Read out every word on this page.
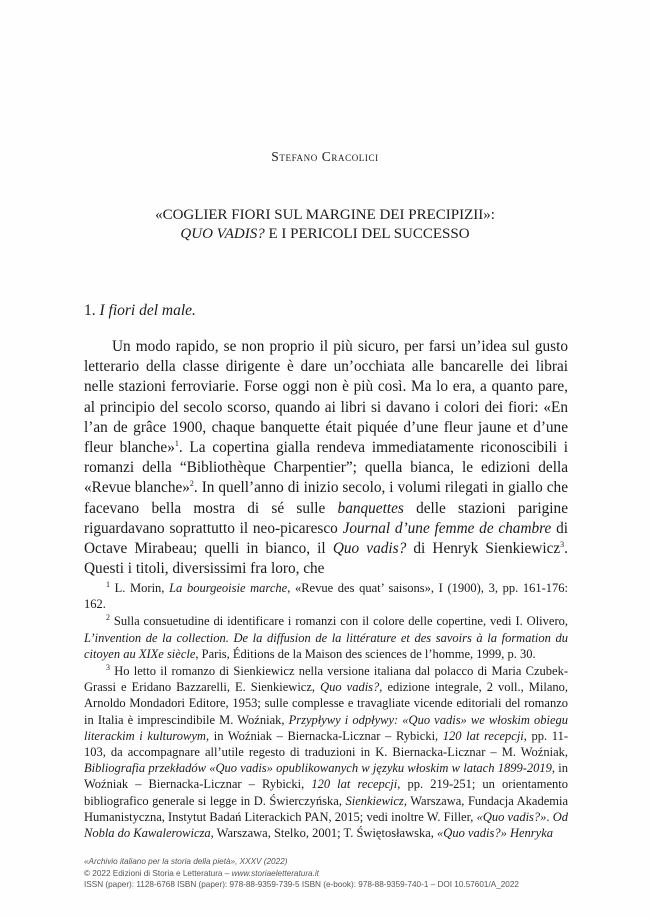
Stefano Cracolici
«COGLIER FIORI SUL MARGINE DEI PRECIPIZII»:
QUO VADIS? E I PERICOLI DEL SUCCESSO
1. I fiori del male.

Un modo rapido, se non proprio il più sicuro, per farsi un’idea sul gusto letterario della classe dirigente è dare un’occhiata alle bancarelle dei librai nelle stazioni ferroviarie. Forse oggi non è più così. Ma lo era, a quanto pare, al principio del secolo scorso, quando ai libri si davano i colori dei fiori: «En l’an de grâce 1900, chaque banquette était piquée d’une fleur jaune et d’une fleur blanche»$^1$. La copertina gialla rendeva immediatamente riconoscibili i romanzi della “Bibliothèque Charpentier”; quella bianca, le edizioni della «Revue blanche»$^2$. In quell’anno di inizio secolo, i volumi rilegati in giallo che facevano bella mostra di sé sulle banquettes delle stazioni parigine riguardavano soprattutto il neo-picaresco Journal d’une femme de chambre di Octave Mirabeau; quelli in bianco, il Quo vadis? di Henryk Sienkiewicz$^3$. Questi i titoli, diversissimi fra loro, che

$^1$ L. Morin, La bourgeoisie marche, «Revue des quat’ saisons», I (1900), 3, pp. 161-176: 162.

$^2$ Sulla consuetudine di identificare i romanzi con il colore delle copertine, vedi I. Olivero, L’invention de la collection. De la diffusion de la littérature et des savoirs à la formation du citoyen au XIXe siècle, Paris, Éditions de la Maison des sciences de l’homme, 1999, p. 30.

$^3$ Ho letto il romanzo di Sienkiewicz nella versione italiana dal polacco di Maria Czubek-Grassi e Eridano Bazzarelli, E. Sienkiewicz, Quo vadis?, edizione integrale, 2 voll., Milano, Arnoldo Mondadori Editore, 1953; sulle complesse e travagliate vicende editoriali del romanzo in Italia è imprescindibile M. Woźniak, Przypływy i odpływy: «Quo vadis» we włoskim obiegu literackim i kulturowym, in Woźniak – Biernacka-Licznar – Rybicki, 120 lat recepcji, pp. 11-103, da accompagnare all’utile regesto di traduzioni in K. Biernacka-Licznar – M. Woźniak, Bibliografia przekładów «Quo vadis» opublikowanych w języku włoskim w latach 1899-2019, in Woźniak – Biernacka-Licznar – Rybicki, 120 lat recepcji, pp. 219-251; un orientamento bibliografico generale si legge in D. Świerczyńska, Sienkiewicz, Warszawa, Fundacja Akademia Humanistyczna, Instytut Badań Literackich PAN, 2015; vedi inoltre W. Filler, «Quo vadis?». Od Nobla do Kawalerowicza, Warszawa, Stelko, 2001; T. Świętosławska, «Quo vadis?» Henryka

«Archivio italiano per la storia della pietà», XXXV (2022)
© 2022 Edizioni di Storia e Letteratura – www.storiaeletteratura.it
ISSN (paper): 1128-6768 ISBN (paper): 978-88-9359-739-5 ISBN (e-book): 978-88-9359-740-1 – DOI 10.57601/A_2022
